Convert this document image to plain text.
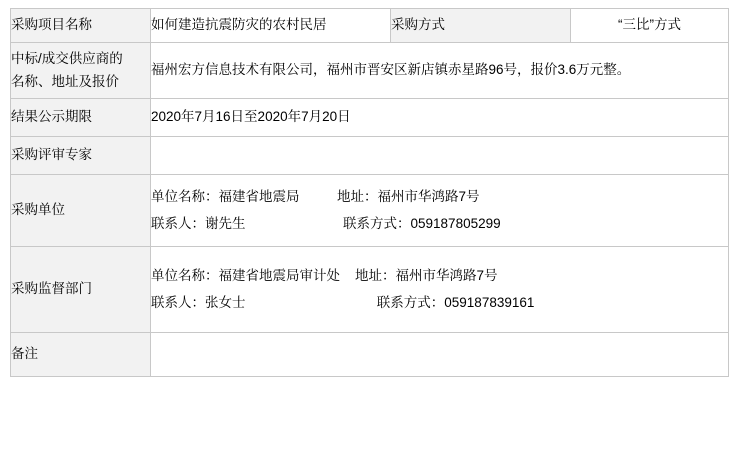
采购项目名称	如何建造抗震防灾的农村民居	采购方式	“三比”方式

中标/成交供应商的
名称、地址及报价	福州宏方信息技术有限公司，福州市晋安区新店镇赤星路96号，报价3.6万元整。		
结果公示期限	2020年7月16日至2020年7月20日		
采购评审专家			
采购单位	单位名称：福建省地震局          地址：福州市华鸿路7号
联系人：谢先生                          联系方式：059187805299		

采购监督部门	单位名称：福建省地震局审计处    地址：福州市华鸿路7号
联系人：张女士                                   联系方式：059187839161		

备注			
